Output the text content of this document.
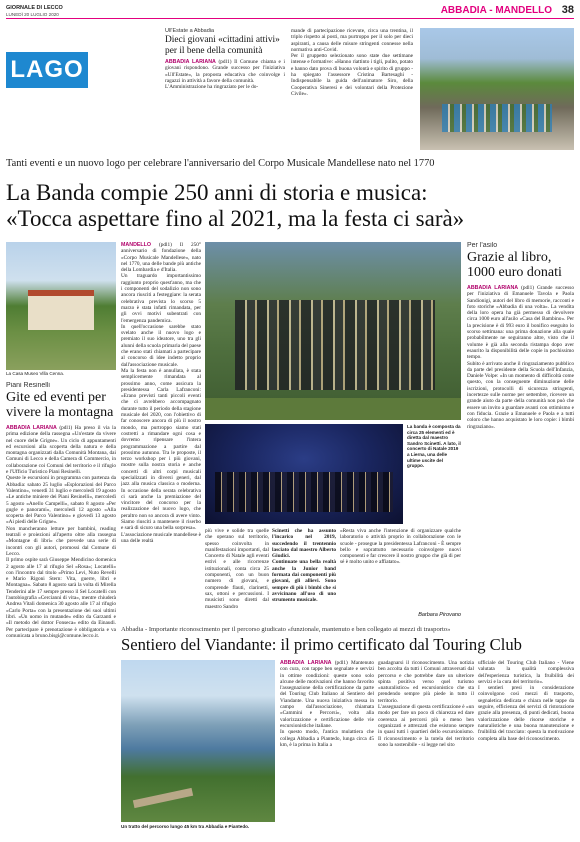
GIORNALE DI LECCO
LUNEDÌ 20 LUGLIO 2020	ABBADIA - MANDELLO 38
LAGO
Ull'Estate a Abbadia
Dieci giovani «cittadini attivi» per il bene della comunità
ABBADIA LARIANA (pdl1) Il Comune chiama e i giovani rispondono. Grande successo per l'iniziativa «Ull'Estate», la proposta educativa che coinvolge i ragazzi in attività a favore della comunità.
L'Amministrazione ha ringraziato per le do-
mande di partecipazione ricevute, circa una trentina, il triplo rispetto ai posti, ma purtroppo per il solo per dieci aspiranti, a causa delle misure stringenti connesse nella normativa anti-Covid.
Per il gruppetto selezionato sono state due settimane intense e formative: «Hanno riattinto i tigli, pulito, potato e hanno dato prova di buona volontà e spirito di gruppo - ha spiegato l'assessore Cristina Bartesaghi - Indispensabile la guida dell'animatore Siro, della Cooperativa Sineresi e dei volontari della Protezione Civile».
Tanti eventi e un nuovo logo per celebrare l'anniversario del Corpo Musicale Mandellese nato nel 1770
La Banda compie 250 anni di storia e musica:
«Tocca aspettare fino al 2021, ma la festa ci sarà»
La Casa Museo Villa Cenna.
Piani Resinelli
Gite ed eventi per vivere la montagna
ABBADIA LARIANA (pdl1) Ha preso il via la prima edizione della rassegna «Un'estate da vivere nel cuore delle Grigne». Un ciclo di appuntamenti ed escursioni alla scoperta della natura e della montagna organizzati dalla Comunità Montana, dai Comuni di Lecco e della Camera di Commercio, in collaborazione coi Comuni del territorio e il rifugio e l'Ufficio Turistico Piani Resinelli.
Queste le escursioni in programma con partenza da Abbadia: sabato 25 luglio «Esplorazioni del Parco Valentino», venerdì 31 luglio e mercoledì 19 agosto «Le antiche miniere dei Piani Resinelli», mercoledì 5 agosto «Anello Campelli», sabato 8 agosto «Per gugle e panorami», mercoledì 12 agosto «Alla scoperta del Parco Valentino» e giovedì 13 agosto «Ai piedi delle Grigne».
Non mancheranno letture per bambini, reading teatrali e proiezioni all'aperto oltre alla rassegna «Montagne di libri» che prevede una serie di incontri con gli autori, promossi dal Comune di Lecco.
Il primo ospite sarà Giuseppe Mendicino domenica 2 agosto alle 17 al rifugio Sel «Rosa»; Locatelli» con l'incontro dal titolo «Primo Levi, Nuto Revelli e Mario Rigoni Stern: Vita, guerre, libri e Montagna». Sabato 8 agosto sarà la volta di Mirella Tenderini alle 17 sempre presso il Sel Locatelli con l'autobiografia «Cercianni di vita», mentre chiuderà Andrea Vitali domenica 30 agosto alle 17 al rifugio «Carlo Porta» con la presentazione dei suoi ultimi libri. «Un uomo in mutande» edito da Garzanti e «Il metodo del dottor Fonseca» edito da Einaudi. Per partecipare è prenotazione è obbligatoria e va comunicata a bruno.bisgi@comune.lecco.it.
MANDELLO (pdl1) Il 250° anniversario di fondazione della «Corpo Musicale Mandellese», nato nel 1770, una delle bande più antiche della Lombardia e d'Italia.
Un traguardo importantissimo raggiunto proprio quest'anno, ma che i componenti del sodalizio non sono ancora riusciti a festeggiare: la serata celebrativa prevista lo scorso 5 marzo è stata infatti rimandata, per gli ovvi motivi subentrati con l'emergenza pandemica.
In quell'occasione sarebbe stato svelato anche il nuovo logo e premiato il suo ideatore, uno tra gli alunni della scuola primaria del paese che erano stati chiamati a partecipare al concorso di idee indetto proprio dall'associazione musicale.
Ma la festa non è annullata, è stata semplicemente rimandata al prossimo anno, come assicura la presidentessa Carla Lafranconi: «Erano previsti tanti piccoli eventi che ci avrebbero accompagnato durante tutto il periodo della stagione musicale del 2020, con l'obiettivo di far conoscere ancora di più il nostro mondo, ma purtroppo siamo stati costretti a rimandare ogni cosa e dovremo ripensare l'intera programmazione a partire dal prossimo autunno. Tra le proposte, il terzo workshop per i più giovani, mostre sulla nostra storia e anche concerti di altri corpi musicali specializzati in diversi generi, dal jazz alla musica classica o moderna. In occasione della serata celebrativa ci sarà anche la premiazione del vincitore del concorso per la realizzazione del nuovo logo, che peraltro non so ancora di avere vinto. Siamo riusciti a mantenere il riserbo e sarà di sicuro una bella sorpresa».
L'associazione musicale mandellese è una delle realtà
La banda è composta da circa 25 elementi ed è diretta dal maestro Sandro Scinetti. A lato, il concerto di Natale 2019 a Lierna, una delle ultime uscite del gruppo.
più vive e solide tra quelle che operano sul territorio, spesso coinvolta in manifestazioni importanti, dal Concerto di Natale agli eventi estivi e alle ricorrenze istituzionali, conta circa 25 componenti, con un buon numero di giovani, e comprende flauti, clarinetti, sax, ottoni e percussioni. I musicisti sono diretti dal maestro Sandro
Scinetti che ha assunto l'incarico nel 2019, succedendo il trentennio lasciato dal maestro Alberto Giudici.
Continuate una bella realtà anche la Junior band formata dai componenti più giovani, gli allievi. Sono sempre di più i bimbi che si avvicinano all'uso di uno strumento musicale.
«Resta viva anche l'intenzione di organizzare qualche laboratorio o attività proprio in collaborazione con le scuole - prosegue la presidentessa Lafranconi - È sempre bello e soprattutto necessario coinvolgere nuovi componenti e far crescere il nostro gruppo che già di per sé è molto unito e affiatato».
Barbara Pirovano
Per l'asilo
Grazie al libro, 1000 euro donati
ABBADIA LARIANA (pdl1) Grande successo per l'iniziativa di Emanuele Tavola e Paola Sandionigi, autori del libro di memorie, racconti e foto storiche «Abbadia di una volta». La vendita della loro opera ha già permesso di devolvere circa 1000 euro all'asilo «Casa del Bambino». Per la precisione è di 993 euro il bonifico eseguito lo scorso settimana: una prima donazione alla quale probabilmente ne seguiranno altre, visto che il volume è già alla seconda ristampa dopo aver esaurito la disponibilità delle copie in pochissimo tempo.
Subito è arrivato anche il ringraziamento pubblico da parte del presidente della Scuola dell'Infanzia, Daniele Volpe: «In un momento di difficoltà come questo, con la conseguente diminuzione delle iscrizioni, protocolli di sicurezza stringenti, incertezze sulle norme per settembre, ricevere un grande aiuto da parte della comunità non può che essere un invito a guardare avanti con ottimismo e con fiducia. Grazie a Emanuele e Paola e a tutti coloro che hanno acquistato le loro copie: i bimbi ringraziano».
Abbadia - Importante riconoscimento per il percorso giudicato «funzionale, mantenuto e ben collegato ai mezzi di trasporto»
Sentiero del Viandante: il primo certificato dal Touring Club
Un tratto del percorso lungo 45 km tra Abbadia e Piantedo.
ABBADIA LARIANA (pdl1) Mantenuto con cura, con tappe ben segnalate e servizi in ottime condizioni: queste sono solo alcune delle motivazioni che hanno favorito l'assegnazione della certificazione da parte del Touring Club Italiano al Sentiero del Viandante. Una nuova iniziativa messa in campo dall'associazione, chiamata «Cammini e Percorsi», volta alla valorizzazione e certificazione delle vie escursionistiche italiane.
In questo modo, l'antica mulattiera che collega Abbadia a Piantedo, lunga circa 45 km, è la prima in Italia a
guadagnarsi il riconoscimento. Una notizia ben accolta da tutti i Comuni attraversati dal percorso e che potrebbe dare un ulteriore spinta positiva verso quel turismo «naturalistico» ed escursionistico che sta prendendo sempre più piede in tutto il territorio.
L'assegnazione di questa certificazione è «un modo per fare un poco di chiarezza ed dare coerenza ai percorsi più o meno ben organizzati e attrezzati che esistono sempre in quasi tutti i quartieri dello escursionismo. Il riconoscimento e la tutela del territorio sono la sostenibile - si legge nel sito
ufficiale del Touring Club Italiano - Viene valutata la qualità complessiva dell'esperienza turistica, la fruibilità dei servizi e la cura del territorio».
I sentieri presi in considerazione coinvolgono così mezzi di trasporto, segnaletica dedicata e chiara nelle tappe da seguire, efficienza dei servizi di ristorazione grazie alla presenza, di punti dedicati, buona valorizzazione delle risorse storiche e naturalistiche e una buona manutenzione e fruibilità del tracciato: questa la motivazione completa alla base del riconoscimento.
